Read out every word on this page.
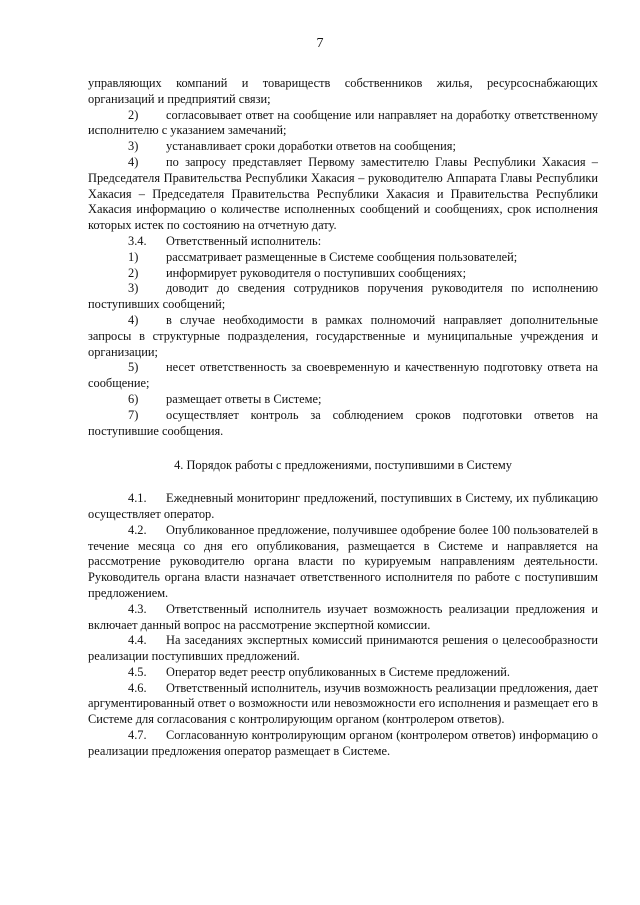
7

управляющих компаний и товариществ собственников жилья, ресурсоснабжающих организаций и предприятий связи;

2) согласовывает ответ на сообщение или направляет на доработку ответственному исполнителю с указанием замечаний;

3) устанавливает сроки доработки ответов на сообщения;

4) по запросу представляет Первому заместителю Главы Республики Хакасия – Председателя Правительства Республики Хакасия – руководителю Аппарата Главы Республики Хакасия – Председателя Правительства Республики Хакасия и Правительства Республики Хакасия информацию о количестве исполненных сообщений и сообщениях, срок исполнения которых истек по состоянию на отчетную дату.

3.4. Ответственный исполнитель:

1) рассматривает размещенные в Системе сообщения пользователей;

2) информирует руководителя о поступивших сообщениях;

3) доводит до сведения сотрудников поручения руководителя по исполнению поступивших сообщений;

4) в случае необходимости в рамках полномочий направляет дополнительные запросы в структурные подразделения, государственные и муниципальные учреждения и организации;

5) несет ответственность за своевременную и качественную подготовку ответа на сообщение;

6) размещает ответы в Системе;

7) осуществляет контроль за соблюдением сроков подготовки ответов на поступившие сообщения.

4. Порядок работы с предложениями, поступившими в Систему

4.1. Ежедневный мониторинг предложений, поступивших в Систему, их публикацию осуществляет оператор.

4.2. Опубликованное предложение, получившее одобрение более 100 пользователей в течение месяца со дня его опубликования, размещается в Системе и направляется на рассмотрение руководителю органа власти по курируемым направлениям деятельности. Руководитель органа власти назначает ответственного исполнителя по работе с поступившим предложением.

4.3. Ответственный исполнитель изучает возможность реализации предложения и включает данный вопрос на рассмотрение экспертной комиссии.

4.4. На заседаниях экспертных комиссий принимаются решения о целесообразности реализации поступивших предложений.

4.5. Оператор ведет реестр опубликованных в Системе предложений.

4.6. Ответственный исполнитель, изучив возможность реализации предложения, дает аргументированный ответ о возможности или невозможности его исполнения и размещает его в Системе для согласования с контролирующим органом (контролером ответов).

4.7. Согласованную контролирующим органом (контролером ответов) информацию о реализации предложения оператор размещает в Системе.
